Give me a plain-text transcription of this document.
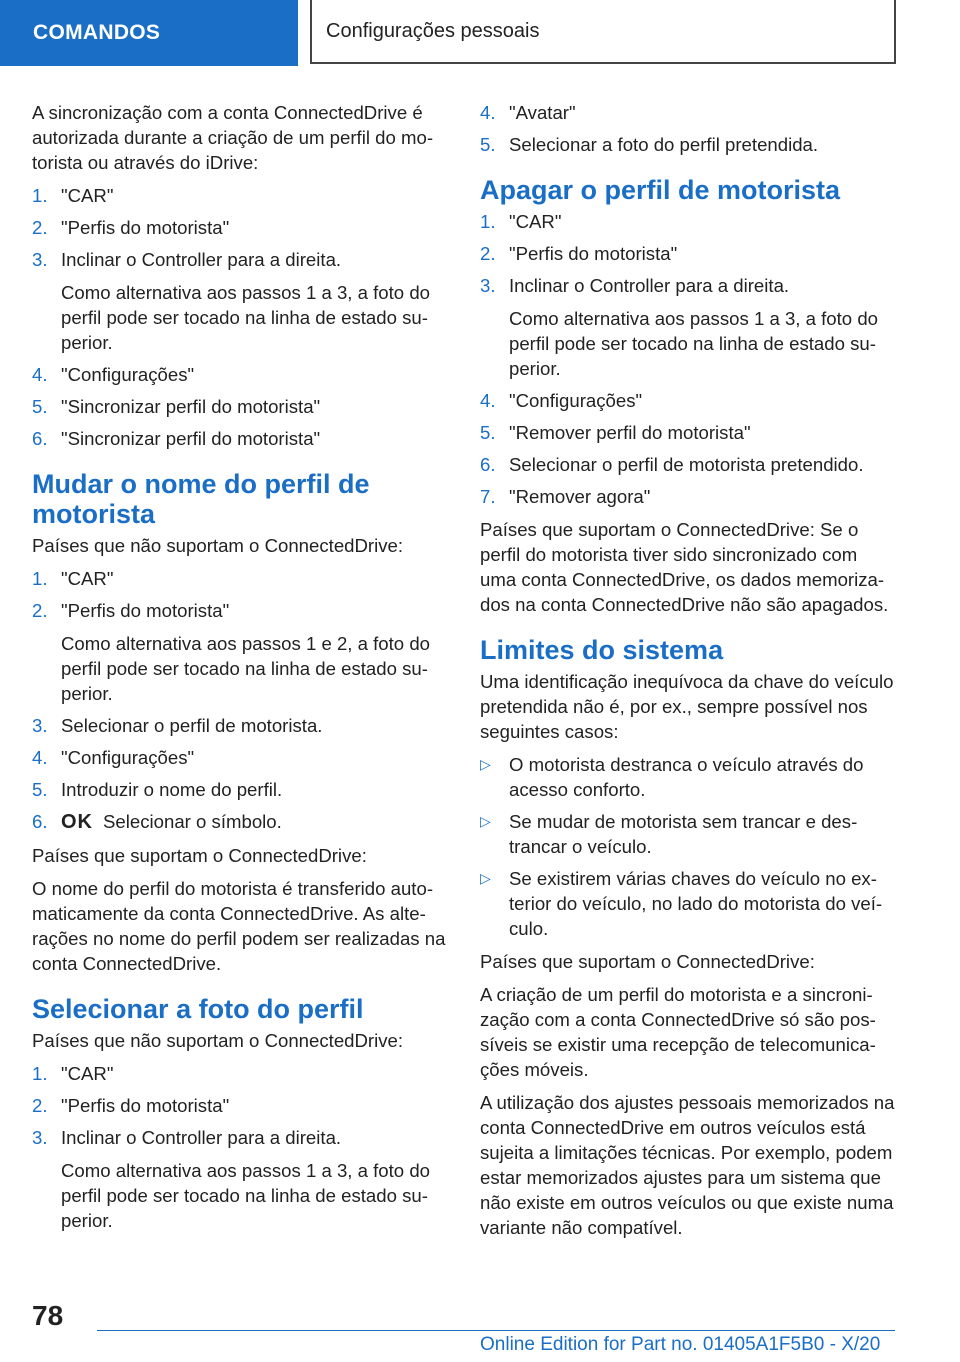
COMANDOS	Configurações pessoais

A sincronização com a conta ConnectedDrive é autorizada durante a criação de um perfil do motorista ou através do iDrive:

1. "CAR"
2. "Perfis do motorista"
3. Inclinar o Controller para a direita.
Como alternativa aos passos 1 a 3, a foto do perfil pode ser tocado na linha de estado superior.
4. "Configurações"
5. "Sincronizar perfil do motorista"
6. "Sincronizar perfil do motorista"
Mudar o nome do perfil de motorista

Países que não suportam o ConnectedDrive:

1. "CAR"
2. "Perfis do motorista"
Como alternativa aos passos 1 e 2, a foto do perfil pode ser tocado na linha de estado superior.
3. Selecionar o perfil de motorista.
4. "Configurações"
5. Introduzir o nome do perfil.
6. OK Selecionar o símbolo.

Países que suportam o ConnectedDrive:

O nome do perfil do motorista é transferido automaticamente da conta ConnectedDrive. As alterações no nome do perfil podem ser realizadas na conta ConnectedDrive.

Selecionar a foto do perfil

Países que não suportam o ConnectedDrive:

1. "CAR"
2. "Perfis do motorista"
3. Inclinar o Controller para a direita.
Como alternativa aos passos 1 a 3, a foto do perfil pode ser tocado na linha de estado superior.
4. "Avatar"
5. Selecionar a foto do perfil pretendida.
Apagar o perfil de motorista
1. "CAR"
2. "Perfis do motorista"
3. Inclinar o Controller para a direita.
Como alternativa aos passos 1 a 3, a foto do perfil pode ser tocado na linha de estado superior.
4. "Configurações"
5. "Remover perfil do motorista"
6. Selecionar o perfil de motorista pretendido.
7. "Remover agora"

Países que suportam o ConnectedDrive: Se o perfil do motorista tiver sido sincronizado com uma conta ConnectedDrive, os dados memorizados na conta ConnectedDrive não são apagados.

Limites do sistema

Uma identificação inequívoca da chave do veículo pretendida não é, por ex., sempre possível nos seguintes casos:

▷ O motorista destranca o veículo através do acesso conforto.
▷ Se mudar de motorista sem trancar e destrancar o veículo.
▷ Se existirem várias chaves do veículo no exterior do veículo, no lado do motorista do veículo.

Países que suportam o ConnectedDrive:

A criação de um perfil do motorista e a sincronização com a conta ConnectedDrive só são possíveis se existir uma recepção de telecomunicações móveis.

A utilização dos ajustes pessoais memorizados na conta ConnectedDrive em outros veículos está sujeita a limitações técnicas. Por exemplo, podem estar memorizados ajustes para um sistema que não existe em outros veículos ou que existe numa variante não compatível.

78
Online Edition for Part no. 01405A1F5B0 - X/20
